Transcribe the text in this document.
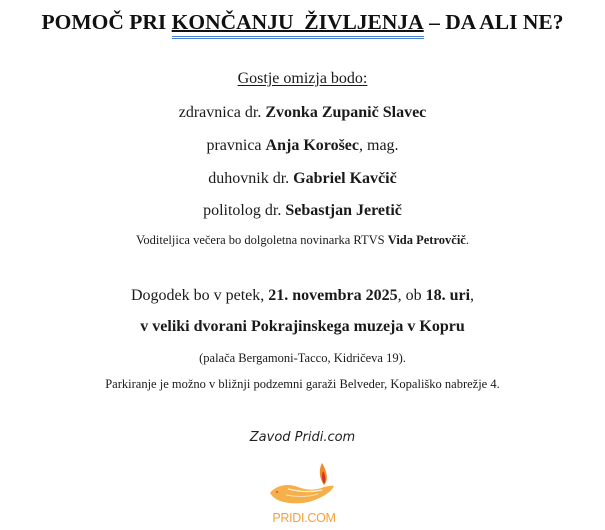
POMOČ PRI KONČANJU  ŽIVLJENJA – DA ALI NE?
Gostje omizja bodo:
zdravnica dr. Zvonka Zupanič Slavec
pravnica Anja Korošec, mag.
duhovnik dr. Gabriel Kavčič
politolog dr. Sebastjan Jeretič
Voditeljica večera bo dolgoletna novinarka RTVS Vida Petrovčič.
Dogodek bo v petek, 21. novembra 2025, ob 18. uri,
v veliki dvorani Pokrajinskega muzeja v Kopru
(palača Bergamoni-Tacco, Kidričeva 19).
Parkiranje je možno v bližnji podzemni garaži Belveder, Kopališko nabrežje 4.
Zavod Pridi.com
PRIDI.COM
